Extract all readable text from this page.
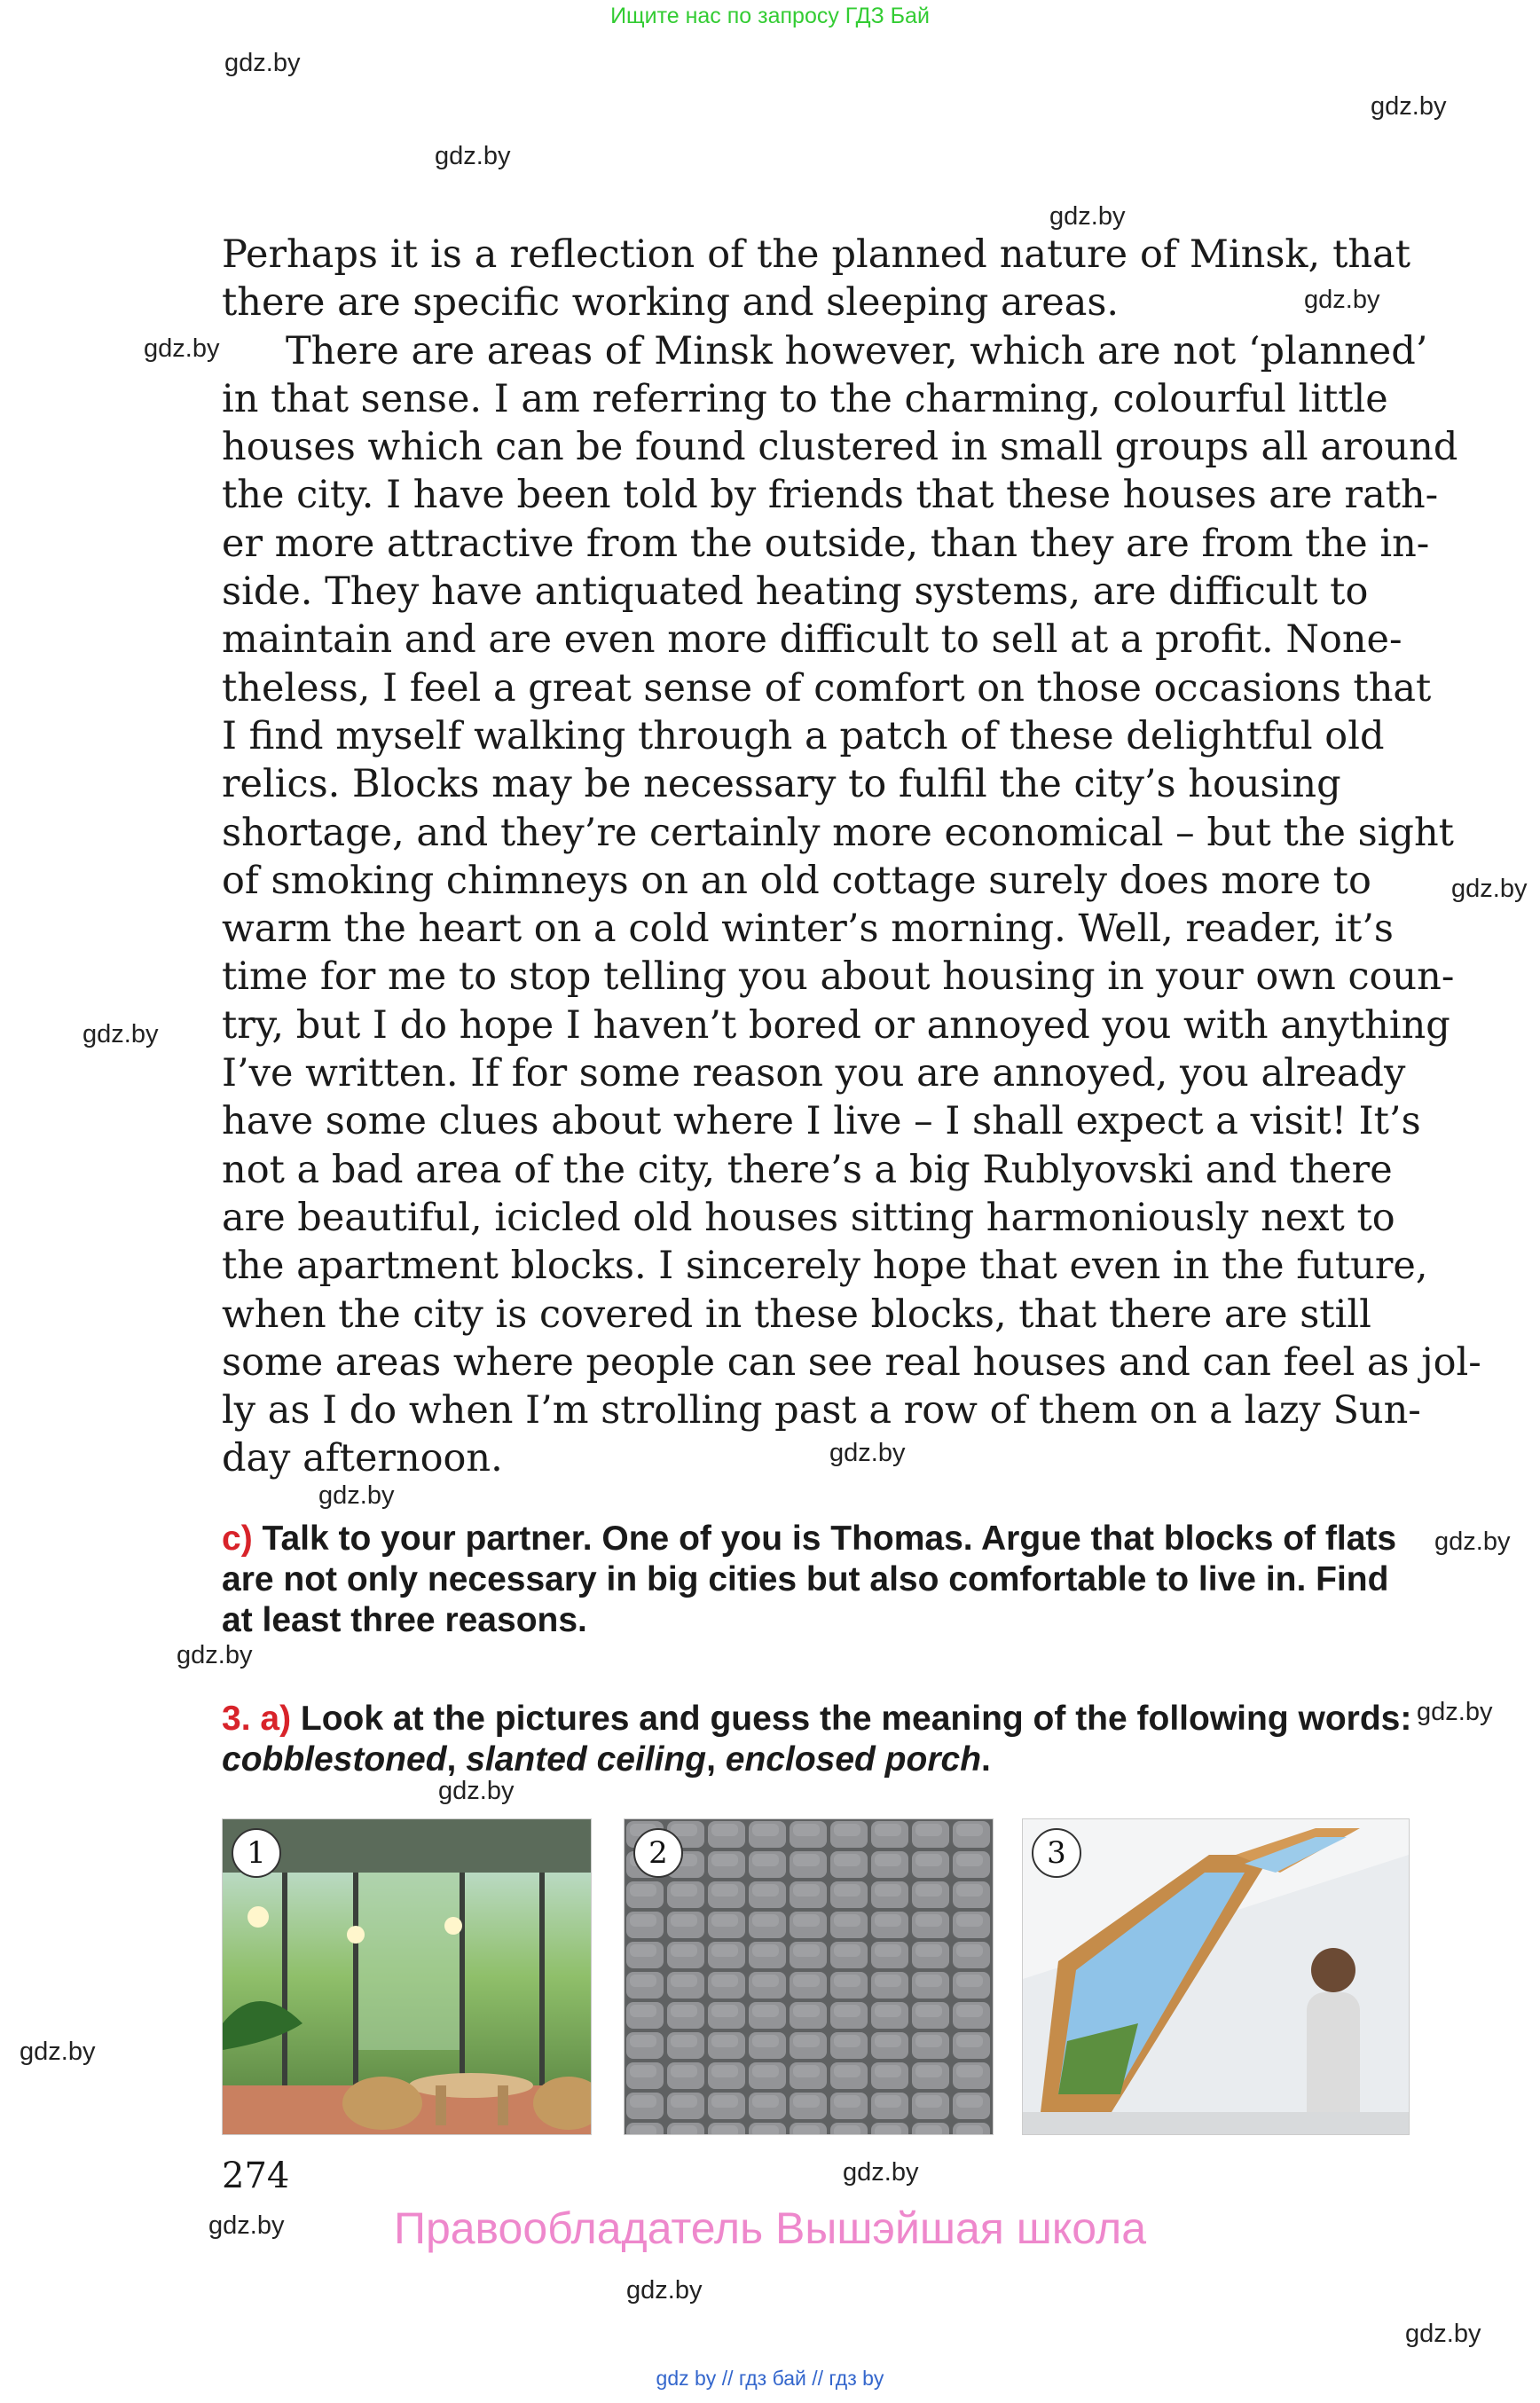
Ищите нас по запросу ГДЗ Бай
gdz.by
gdz.by
gdz.by
gdz.by
gdz.by
gdz.by
gdz.by
gdz.by
gdz.by
gdz.by
gdz.by
gdz.by
gdz.by
gdz.by
gdz.by
gdz.by
gdz.by
gdz.by
gdz.by
Perhaps it is a reflection of the planned nature of Minsk, that
there are specific working and sleeping areas.
There are areas of Minsk however, which are not ‘planned’
in that sense. I am referring to the charming, colourful little
houses which can be found clustered in small groups all around
the city. I have been told by friends that these houses are rath-
er more attractive from the outside, than they are from the in-
side. They have antiquated heating systems, are difficult to
maintain and are even more difficult to sell at a profit. None-
theless, I feel a great sense of comfort on those occasions that
I find myself walking through a patch of these delightful old
relics. Blocks may be necessary to fulfil the city’s housing
shortage, and they’re certainly more economical – but the sight
of smoking chimneys on an old cottage surely does more to
warm the heart on a cold winter’s morning. Well, reader, it’s
time for me to stop telling you about housing in your own coun-
try, but I do hope I haven’t bored or annoyed you with anything
I’ve written. If for some reason you are annoyed, you already
have some clues about where I live – I shall expect a visit! It’s
not a bad area of the city, there’s a big Rublyovski and there
are beautiful, icicled old houses sitting harmoniously next to
the apartment blocks. I sincerely hope that even in the future,
when the city is covered in these blocks, that there are still
some areas where people can see real houses and can feel as jol-
ly as I do when I’m strolling past a row of them on a lazy Sun-
day afternoon.
c) Talk to your partner. One of you is Thomas. Argue that blocks of flats are not only necessary in big cities but also comfortable to live in. Find at least three reasons.
3. a) Look at the pictures and guess the meaning of the following words: cobblestoned, slanted ceiling, enclosed porch.
1	2	3
274
Правообладатель Вышэйшая школа
gdz by // гдз бай // гдз by
